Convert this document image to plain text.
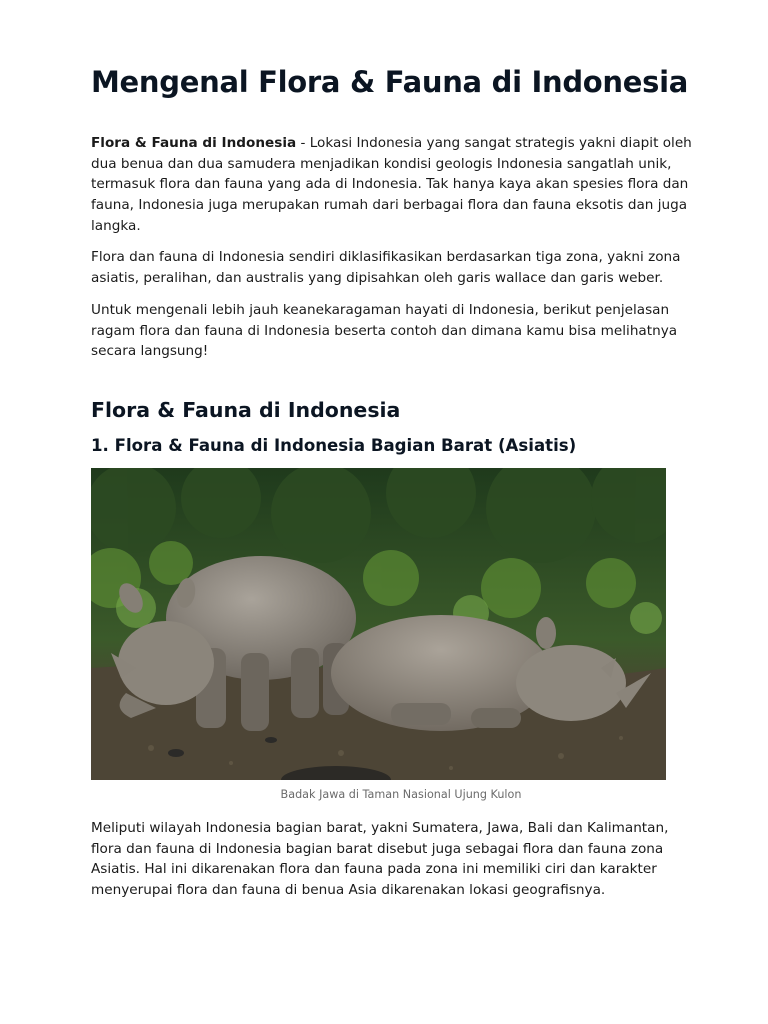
Mengenal Flora & Fauna di Indonesia

Flora & Fauna di Indonesia - Lokasi Indonesia yang sangat strategis yakni diapit oleh dua benua dan dua samudera menjadikan kondisi geologis Indonesia sangatlah unik, termasuk flora dan fauna yang ada di Indonesia. Tak hanya kaya akan spesies flora dan fauna, Indonesia juga merupakan rumah dari berbagai flora dan fauna eksotis dan juga langka.

Flora dan fauna di Indonesia sendiri diklasifikasikan berdasarkan tiga zona, yakni zona asiatis, peralihan, dan australis yang dipisahkan oleh garis wallace dan garis weber.

Untuk mengenali lebih jauh keanekaragaman hayati di Indonesia, berikut penjelasan ragam flora dan fauna di Indonesia beserta contoh dan dimana kamu bisa melihatnya secara langsung!

Flora & Fauna di Indonesia
1. Flora & Fauna di Indonesia Bagian Barat (Asiatis)

Badak Jawa di Taman Nasional Ujung Kulon

Meliputi wilayah Indonesia bagian barat, yakni Sumatera, Jawa, Bali dan Kalimantan, flora dan fauna di Indonesia bagian barat disebut juga sebagai flora dan fauna zona Asiatis. Hal ini dikarenakan flora dan fauna pada zona ini memiliki ciri dan karakter menyerupai flora dan fauna di benua Asia dikarenakan lokasi geografisnya.
